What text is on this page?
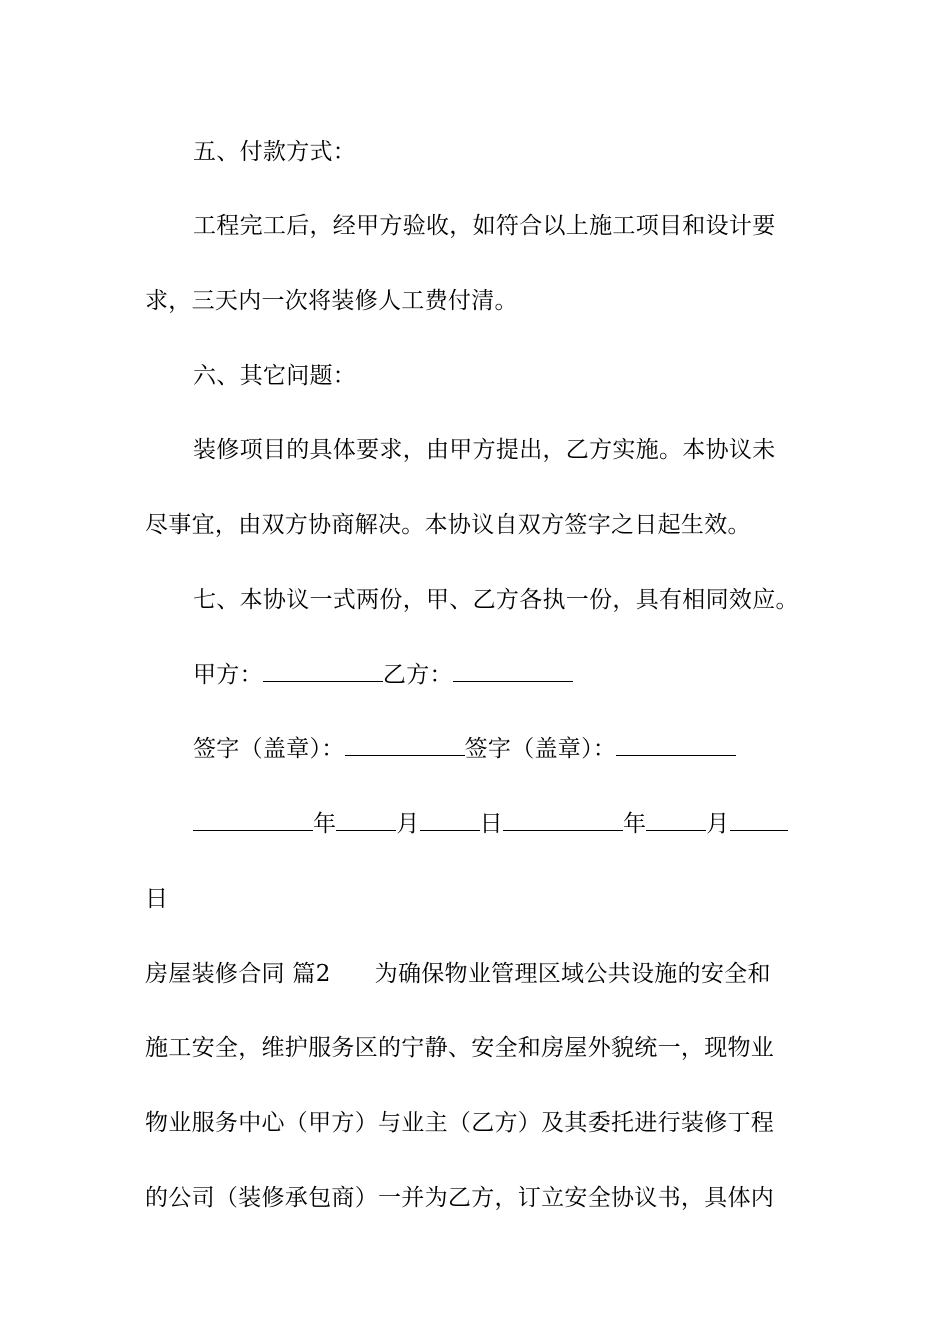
五、付款方式：
工程完工后，经甲方验收，如符合以上施工项目和设计要
求，三天内一次将装修人工费付清。
六、其它问题：
装修项目的具体要求，由甲方提出，乙方实施。本协议未
尽事宜，由双方协商解决。本协议自双方签字之日起生效。
七、本协议一式两份，甲、乙方各执一份，具有相同效应。
甲方：	乙方：
签字（盖章）：	签字（盖章）：
年	月	日	年	月
日
房屋装修合同 篇2 为确保物业管理区域公共设施的安全和
施工安全，维护服务区的宁静、安全和房屋外貌统一，现物业
物业服务中心（甲方）与业主（乙方）及其委托进行装修丁程
的公司（装修承包商）一并为乙方，订立安全协议书，具体内
